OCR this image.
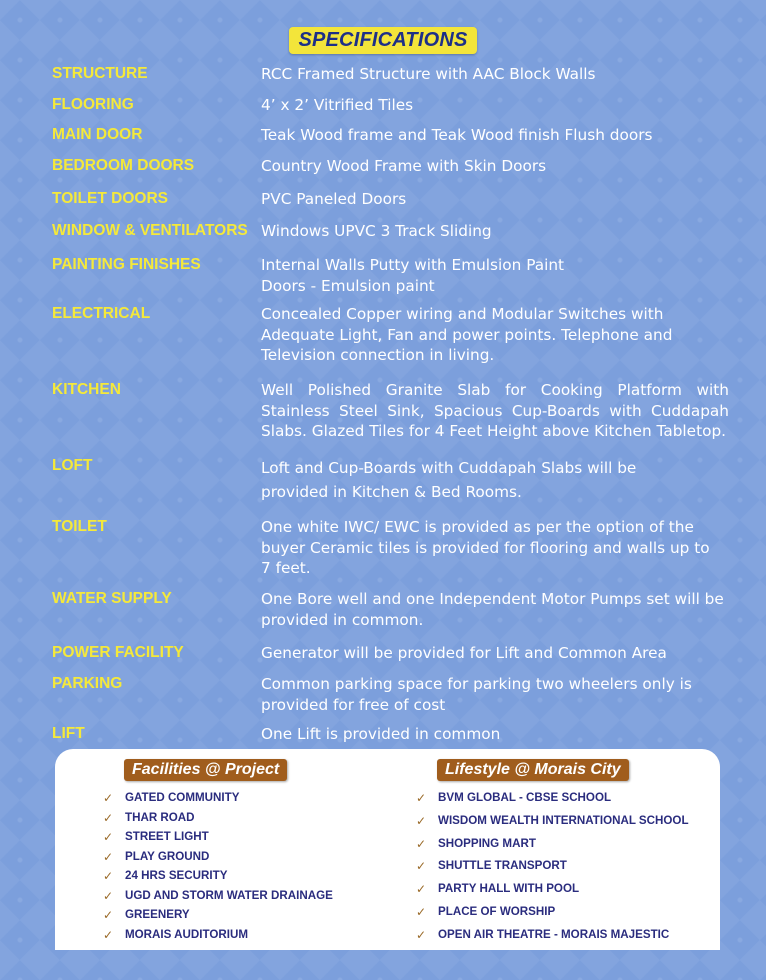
SPECIFICATIONS
STRUCTURE	RCC Framed Structure with AAC Block Walls
FLOORING	4’ x 2’ Vitrified Tiles
MAIN DOOR	Teak Wood frame and Teak Wood finish Flush doors
BEDROOM DOORS	Country Wood Frame with Skin Doors
TOILET DOORS	PVC Paneled Doors
WINDOW & VENTILATORS Windows UPVC 3 Track Sliding
PAINTING FINISHES	Internal Walls Putty with Emulsion Paint
Doors - Emulsion paint
ELECTRICAL	Concealed Copper wiring and Modular Switches with Adequate Light, Fan and power points. Telephone and Television connection in living.
KITCHEN	Well Polished Granite Slab for Cooking Platform with Stainless Steel Sink, Spacious Cup-Boards with Cuddapah Slabs. Glazed Tiles for 4 Feet Height above Kitchen Tabletop.
LOFT	Loft and Cup-Boards with Cuddapah Slabs will be provided in Kitchen & Bed Rooms.
TOILET	One white IWC/ EWC is provided as per the option of the buyer Ceramic tiles is provided for flooring and walls up to 7 feet.
WATER SUPPLY	One Bore well and one Independent Motor Pumps set will be provided in common.
POWER FACILITY	Generator will be provided for Lift and Common Area
PARKING	Common parking space for parking two wheelers only is provided for free of cost
LIFT	One Lift is provided in common
Facilities @ Project	Lifestyle @ Morais City
✓ GATED COMMUNITY
✓ THAR ROAD
✓ STREET LIGHT
✓ PLAY GROUND
✓ 24 HRS SECURITY
✓ UGD AND STORM WATER DRAINAGE
✓ GREENERY
✓ MORAIS AUDITORIUM
✓ BVM GLOBAL - CBSE SCHOOL
✓ WISDOM WEALTH INTERNATIONAL SCHOOL
✓ SHOPPING MART
✓ SHUTTLE TRANSPORT
✓ PARTY HALL WITH POOL
✓ PLACE OF WORSHIP
✓ OPEN AIR THEATRE - MORAIS MAJESTIC
